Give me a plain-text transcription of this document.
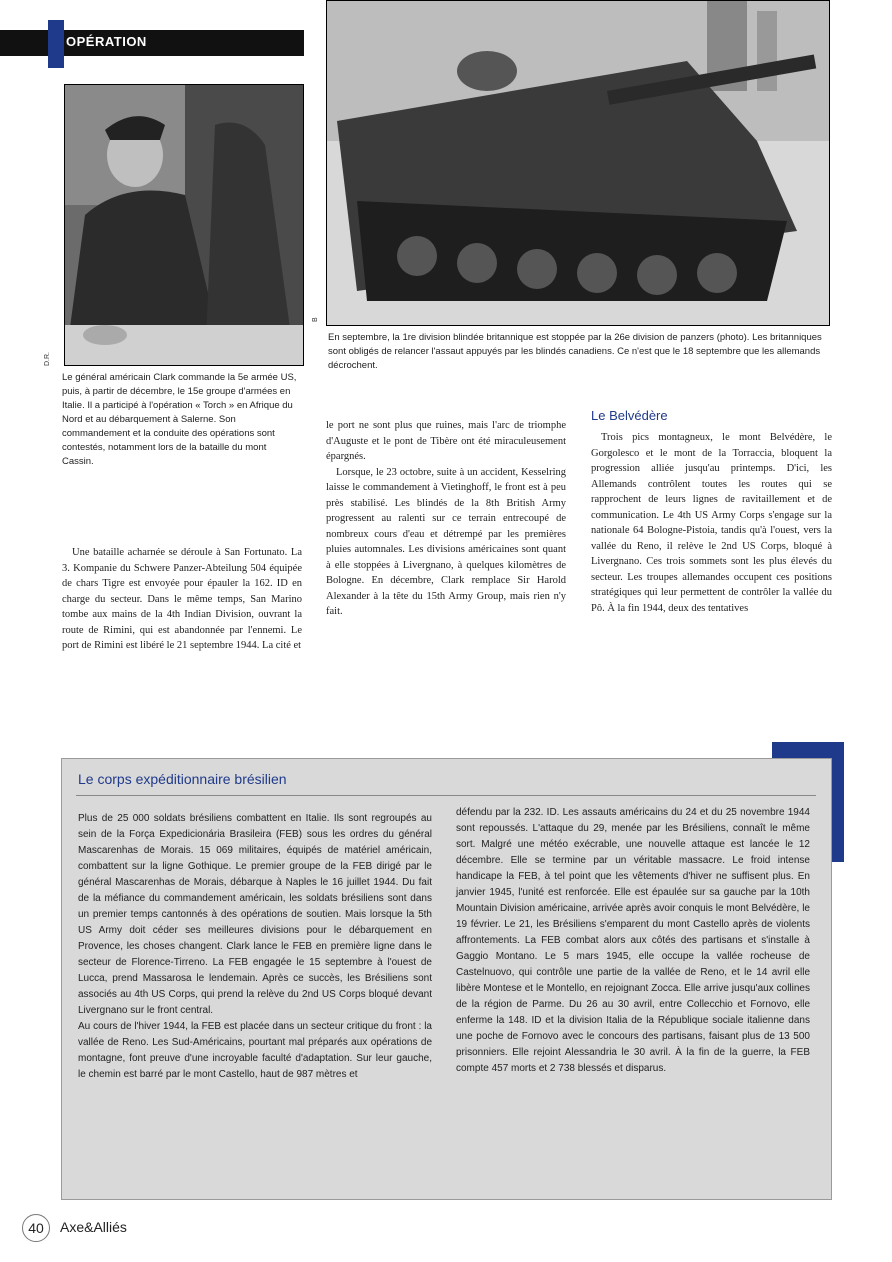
OPÉRATION
D.R.
B
Le général américain Clark commande la 5e armée US, puis, à partir de décembre, le 15e groupe d'armées en Italie. Il a participé à l'opération « Torch » en Afrique du Nord et au débarquement à Salerne. Son commandement et la conduite des opérations sont contestés, notamment lors de la bataille du mont Cassin.
En septembre, la 1re division blindée britannique est stoppée par la 26e division de panzers (photo). Les britanniques sont obligés de relancer l'assaut appuyés par les blindés canadiens. Ce n'est que le 18 septembre que les allemands décrochent.

Une bataille acharnée se déroule à San Fortunato. La 3. Kompanie du Schwere Panzer-Abteilung 504 équipée de chars Tigre est envoyée pour épauler la 162. ID en charge du secteur. Dans le même temps, San Marino tombe aux mains de la 4th Indian Division, ouvrant la route de Rimini, qui est abandonnée par l'ennemi. Le port de Rimini est libéré le 21 septembre 1944. La cité et

le port ne sont plus que ruines, mais l'arc de triomphe d'Auguste et le pont de Tibère ont été miraculeusement épargnés.

Lorsque, le 23 octobre, suite à un accident, Kesselring laisse le commandement à Vietinghoff, le front est à peu près stabilisé. Les blindés de la 8th British Army progressent au ralenti sur ce terrain entrecoupé de nombreux cours d'eau et détrempé par les premières pluies automnales. Les divisions américaines sont quant à elle stoppées à Livergnano, à quelques kilomètres de Bologne. En décembre, Clark remplace Sir Harold Alexander à la tête du 15th Army Group, mais rien n'y fait.

Le Belvédère

Trois pics montagneux, le mont Belvédère, le Gorgolesco et le mont de la Torraccia, bloquent la progression alliée jusqu'au printemps. D'ici, les Allemands contrôlent toutes les routes qui se rapprochent de leurs lignes de ravitaillement et de communication. Le 4th US Army Corps s'engage sur la nationale 64 Bologne-Pistoia, tandis qu'à l'ouest, vers la vallée du Reno, il relève le 2nd US Corps, bloqué à Livergnano. Ces trois sommets sont les plus élevés du secteur. Les troupes allemandes occupent ces positions stratégiques qui leur permettent de contrôler la vallée du Pô. À la fin 1944, deux des tentatives

Le corps expéditionnaire brésilien

Plus de 25 000 soldats brésiliens combattent en Italie. Ils sont regroupés au sein de la Força Expedicionária Brasileira (FEB) sous les ordres du général Mascarenhas de Morais. 15 069 militaires, équipés de matériel américain, combattent sur la ligne Gothique. Le premier groupe de la FEB dirigé par le général Mascarenhas de Morais, débarque à Naples le 16 juillet 1944. Du fait de la méfiance du commandement américain, les soldats brésiliens sont dans un premier temps cantonnés à des opérations de soutien. Mais lorsque la 5th US Army doit céder ses meilleures divisions pour le débarquement en Provence, les choses changent. Clark lance le FEB en première ligne dans le secteur de Florence-Tirreno. La FEB engagée le 15 septembre à l'ouest de Lucca, prend Massarosa le lendemain. Après ce succès, les Brésiliens sont associés au 4th US Corps, qui prend la relève du 2nd US Corps bloqué devant Livergnano sur le front central.

Au cours de l'hiver 1944, la FEB est placée dans un secteur critique du front : la vallée de Reno. Les Sud-Américains, pourtant mal préparés aux opérations de montagne, font preuve d'une incroyable faculté d'adaptation. Sur leur gauche, le chemin est barré par le mont Castello, haut de 987 mètres et

défendu par la 232. ID. Les assauts américains du 24 et du 25 novembre 1944 sont repoussés. L'attaque du 29, menée par les Brésiliens, connaît le même sort. Malgré une météo exécrable, une nouvelle attaque est lancée le 12 décembre. Elle se termine par un véritable massacre. Le froid intense handicape la FEB, à tel point que les vêtements d'hiver ne suffisent plus. En janvier 1945, l'unité est renforcée. Elle est épaulée sur sa gauche par la 10th Mountain Division américaine, arrivée après avoir conquis le mont Belvédère, le 19 février. Le 21, les Brésiliens s'emparent du mont Castello après de violents affrontements. La FEB combat alors aux côtés des partisans et s'installe à Gaggio Montano. Le 5 mars 1945, elle occupe la vallée rocheuse de Castelnuovo, qui contrôle une partie de la vallée de Reno, et le 14 avril elle libère Montese et le Montello, en rejoignant Zocca. Elle arrive jusqu'aux collines de la région de Parme. Du 26 au 30 avril, entre Collecchio et Fornovo, elle enferme la 148. ID et la division Italia de la République sociale italienne dans une poche de Fornovo avec le concours des partisans, faisant plus de 13 500 prisonniers. Elle rejoint Alessandria le 30 avril. À la fin de la guerre, la FEB compte 457 morts et 2 738 blessés et disparus.

40	Axe&Alliés
